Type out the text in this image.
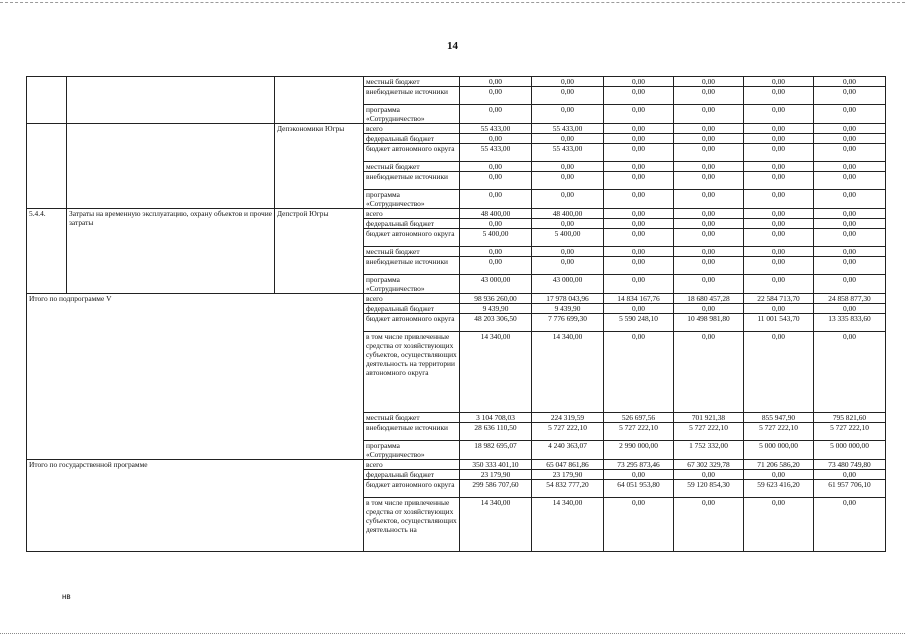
14
			местный бюджет	0,00	0,00	0,00	0,00	0,00	0,00
			внебюджетные источники	0,00	0,00	0,00	0,00	0,00	0,00
			программа «Сотрудничество»	0,00	0,00	0,00	0,00	0,00	0,00
		Депэкономики Югры	всего	55 433,00	55 433,00	0,00	0,00	0,00	0,00
			федеральный бюджет	0,00	0,00	0,00	0,00	0,00	0,00
			бюджет автономного округа	55 433,00	55 433,00	0,00	0,00	0,00	0,00
			местный бюджет	0,00	0,00	0,00	0,00	0,00	0,00
			внебюджетные источники	0,00	0,00	0,00	0,00	0,00	0,00
			программа «Сотрудничество»	0,00	0,00	0,00	0,00	0,00	0,00
5.4.4.	Затраты на временную эксплуатацию, охрану объектов и прочие затраты	Депстрой Югры	всего	48 400,00	48 400,00	0,00	0,00	0,00	0,00
			федеральный бюджет	0,00	0,00	0,00	0,00	0,00	0,00
			бюджет автономного округа	5 400,00	5 400,00	0,00	0,00	0,00	0,00
			местный бюджет	0,00	0,00	0,00	0,00	0,00	0,00
			внебюджетные источники	0,00	0,00	0,00	0,00	0,00	0,00
			программа «Сотрудничество»	43 000,00	43 000,00	0,00	0,00	0,00	0,00
Итого по подпрограмме V			всего	98 936 260,00	17 978 043,96	14 834 167,76	18 680 457,28	22 584 713,70	24 858 877,30
			федеральный бюджет	9 439,90	9 439,90	0,00	0,00	0,00	0,00
			бюджет автономного округа	48 203 306,50	7 776 699,30	5 590 248,10	10 498 981,80	11 001 543,70	13 335 833,60
			в том числе привлеченные средства от хозяйствующих субъектов, осуществляющих деятельность на территории автономного округа	14 340,00	14 340,00	0,00	0,00	0,00	0,00
			местный бюджет	3 104 708,03	224 319,59	526 697,56	701 921,38	855 947,90	795 821,60
			внебюджетные источники	28 636 110,50	5 727 222,10	5 727 222,10	5 727 222,10	5 727 222,10	5 727 222,10
			программа «Сотрудничество»	18 982 695,07	4 240 363,07	2 990 000,00	1 752 332,00	5 000 000,00	5 000 000,00
Итого по государственной программе			всего	350 333 401,10	65 047 861,86	73 295 873,46	67 302 329,78	71 206 586,20	73 480 749,80
			федеральный бюджет	23 179,90	23 179,90	0,00	0,00	0,00	0,00
			бюджет автономного округа	299 586 707,60	54 832 777,20	64 051 953,80	59 120 854,30	59 623 416,20	61 957 706,10
			в том числе привлеченные средства от хозяйствующих субъектов, осуществляющих деятельность на	14 340,00	14 340,00	0,00	0,00	0,00	0,00
нв
